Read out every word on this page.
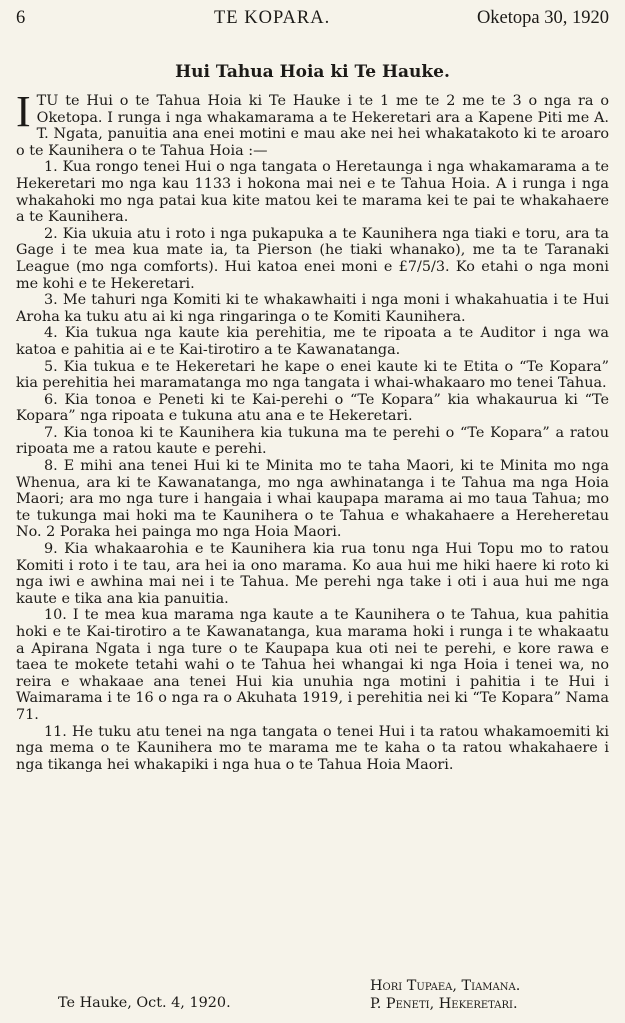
6	TE KOPARA.	Oketopa 30, 1920
Hui Tahua Hoia ki Te Hauke.

ITU te Hui o te Tahua Hoia ki Te Hauke i te 1 me te 2 me te 3 o nga ra o Oketopa. I runga i nga whakamarama a te Hekeretari ara a Kapene Piti me A. T. Ngata, panuitia ana enei motini e mau ake nei hei whakatakoto ki te aroaro o te Kaunihera o te Tahua Hoia :—

1. Kua rongo tenei Hui o nga tangata o Heretaunga i nga whakamarama a te Hekeretari mo nga kau 1133 i hokona mai nei e te Tahua Hoia. A i runga i nga whakahoki mo nga patai kua kite matou kei te marama kei te pai te whakahaere a te Kaunihera.

2. Kia ukuia atu i roto i nga pukapuka a te Kaunihera nga tiaki e toru, ara ta Gage i te mea kua mate ia, ta Pierson (he tiaki whanako), me ta te Taranaki League (mo nga comforts). Hui katoa enei moni e £7/5/3. Ko etahi o nga moni me kohi e te Hekeretari.

3. Me tahuri nga Komiti ki te whakawhaiti i nga moni i whakahuatia i te Hui Aroha ka tuku atu ai ki nga ringaringa o te Komiti Kaunihera.

4. Kia tukua nga kaute kia perehitia, me te ripoata a te Auditor i nga wa katoa e pahitia ai e te Kai-tirotiro a te Kawanatanga.

5. Kia tukua e te Hekeretari he kape o enei kaute ki te Etita o “Te Kopara” kia perehitia hei maramatanga mo nga tangata i whai-whakaaro mo tenei Tahua.

6. Kia tonoa e Peneti ki te Kai-perehi o “Te Kopara” kia whakaurua ki “Te Kopara” nga ripoata e tukuna atu ana e te Hekeretari.

7. Kia tonoa ki te Kaunihera kia tukuna ma te perehi o “Te Kopara” a ratou ripoata me a ratou kaute e perehi.

8. E mihi ana tenei Hui ki te Minita mo te taha Maori, ki te Minita mo nga Whenua, ara ki te Kawanatanga, mo nga awhinatanga i te Tahua ma nga Hoia Maori; ara mo nga ture i hangaia i whai kaupapa marama ai mo taua Tahua; mo te tukunga mai hoki ma te Kaunihera o te Tahua e whakahaere a Hereheretau No. 2 Poraka hei painga mo nga Hoia Maori.

9. Kia whakaarohia e te Kaunihera kia rua tonu nga Hui Topu mo to ratou Komiti i roto i te tau, ara hei ia ono marama. Ko aua hui me hiki haere ki roto ki nga iwi e awhina mai nei i te Tahua. Me perehi nga take i oti i aua hui me nga kaute e tika ana kia panuitia.

10. I te mea kua marama nga kaute a te Kaunihera o te Tahua, kua pahitia hoki e te Kai-tirotiro a te Kawanatanga, kua marama hoki i runga i te whakaatu a Apirana Ngata i nga ture o te Kaupapa kua oti nei te perehi, e kore rawa e taea te mokete tetahi wahi o te Tahua hei whangai ki nga Hoia i tenei wa, no reira e whakaae ana tenei Hui kia unuhia nga motini i pahitia i te Hui i Waimarama i te 16 o nga ra o Akuhata 1919, i perehitia nei ki “Te Kopara” Nama 71.

11. He tuku atu tenei na nga tangata o tenei Hui i ta ratou whakamoemiti ki nga mema o te Kaunihera mo te marama me te kaha o ta ratou whakahaere i nga tikanga hei whakapiki i nga hua o te Tahua Hoia Maori.

Te Hauke, Oct. 4, 1920.
Hori Tupaea, Tiamana.
P. Peneti, Hekeretari.
